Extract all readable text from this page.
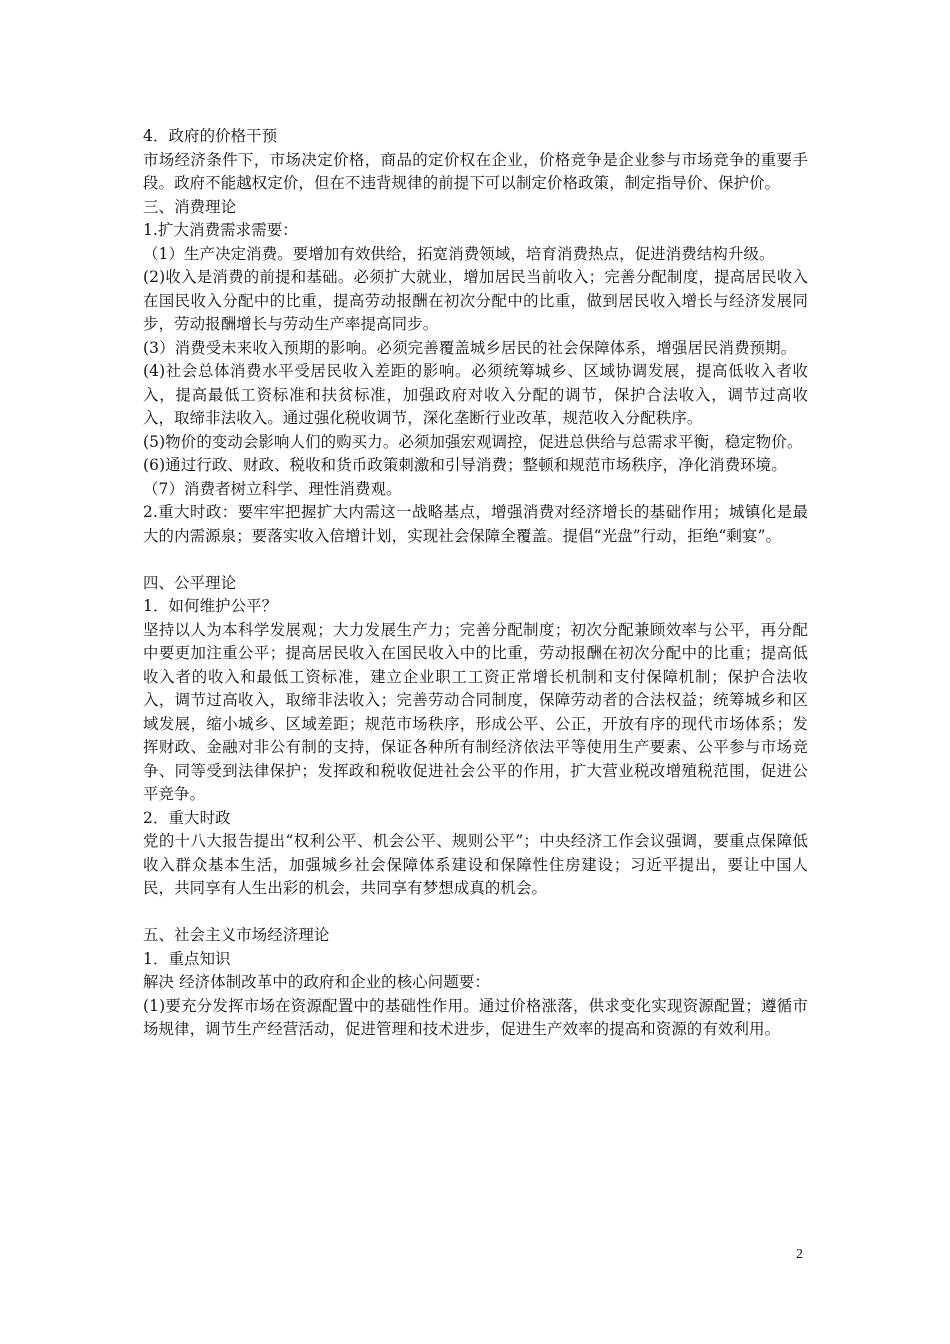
4．政府的价格干预

市场经济条件下，市场决定价格，商品的定价权在企业，价格竞争是企业参与市场竞争的重要手段。政府不能越权定价，但在不违背规律的前提下可以制定价格政策，制定指导价、保护价。

三、消费理论

1.扩大消费需求需要：

（1）生产决定消费。要增加有效供给，拓宽消费领域，培育消费热点，促进消费结构升级。

(2)收入是消费的前提和基础。必须扩大就业，增加居民当前收入；完善分配制度，提高居民收入在国民收入分配中的比重，提高劳动报酬在初次分配中的比重，做到居民收入增长与经济发展同步，劳动报酬增长与劳动生产率提高同步。

(3）消费受未来收入预期的影响。必须完善覆盖城乡居民的社会保障体系，增强居民消费预期。

(4)社会总体消费水平受居民收入差距的影响。必须统筹城乡、区域协调发展，提高低收入者收入，提高最低工资标准和扶贫标准，加强政府对收入分配的调节，保护合法收入，调节过高收入，取缔非法收入。通过强化税收调节，深化垄断行业改革，规范收入分配秩序。

(5)物价的变动会影响人们的购买力。必须加强宏观调控，促进总供给与总需求平衡，稳定物价。

(6)通过行政、财政、税收和货币政策刺激和引导消费；整顿和规范市场秩序，净化消费环境。

（7）消费者树立科学、理性消费观。

2.重大时政：要牢牢把握扩大内需这一战略基点，增强消费对经济增长的基础作用；城镇化是最大的内需源泉；要落实收入倍增计划，实现社会保障全覆盖。提倡“光盘”行动，拒绝“剩宴”。

四、公平理论

1．如何维护公平？

坚持以人为本科学发展观；大力发展生产力；完善分配制度；初次分配兼顾效率与公平，再分配中要更加注重公平；提高居民收入在国民收入中的比重，劳动报酬在初次分配中的比重；提高低收入者的收入和最低工资标准，建立企业职工工资正常增长机制和支付保障机制；保护合法收入，调节过高收入，取缔非法收入；完善劳动合同制度，保障劳动者的合法权益；统筹城乡和区域发展，缩小城乡、区域差距；规范市场秩序，形成公平、公正，开放有序的现代市场体系；发挥财政、金融对非公有制的支持，保证各种所有制经济依法平等使用生产要素、公平参与市场竞争、同等受到法律保护；发挥政和税收促进社会公平的作用，扩大营业税改增殖税范围，促进公平竞争。

2．重大时政

党的十八大报告提出“权利公平、机会公平、规则公平”；中央经济工作会议强调，要重点保障低收入群众基本生活，加强城乡社会保障体系建设和保障性住房建设；习近平提出，要让中国人民，共同享有人生出彩的机会，共同享有梦想成真的机会。

五、社会主义市场经济理论

1．重点知识

解决 经济体制改革中的政府和企业的核心问题要：

(1)要充分发挥市场在资源配置中的基础性作用。通过价格涨落，供求变化实现资源配置；遵循市场规律，调节生产经营活动，促进管理和技术进步，促进生产效率的提高和资源的有效利用。

2
